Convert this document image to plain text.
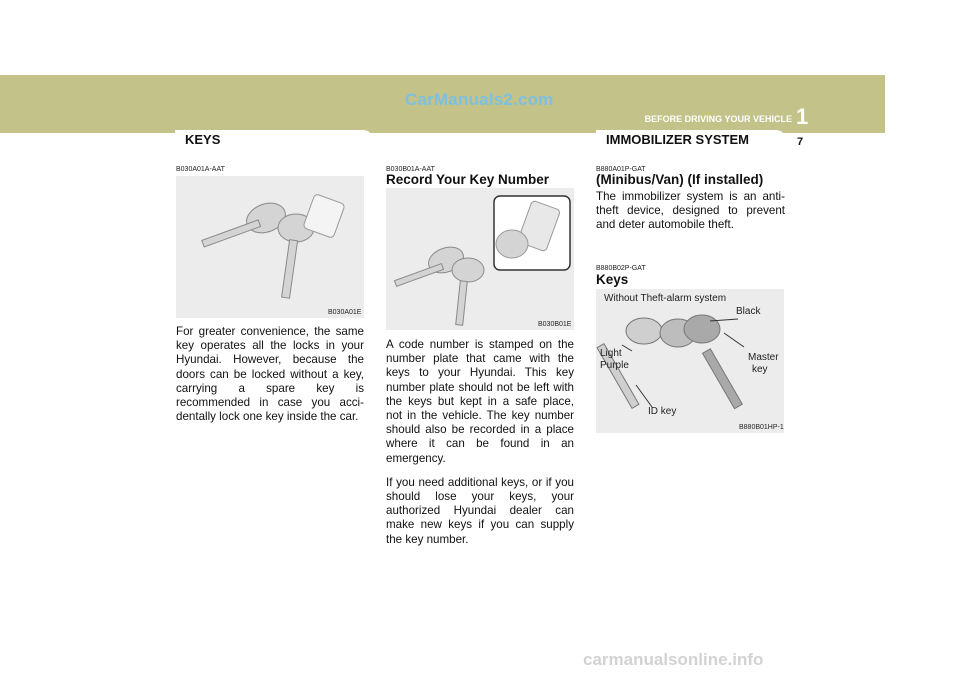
CarManuals2.com
BEFORE DRIVING YOUR VEHICLE 1
KEYS	IMMOBILIZER SYSTEM	7
B030A01A-AAT
B030A01E
For greater convenience, the same key operates all the locks in your Hyundai. However, because the doors can be locked without a key, carrying a spare key is recommended in case you acci-dentally lock one key inside the car.
B030B01A-AAT
Record Your Key Number
B030B01E

A code number is stamped on the number plate that came with the keys to your Hyundai. This key number plate should not be left with the keys but kept in a safe place, not in the vehicle. The key number should also be recorded in a place where it can be found in an emergency.

If you need additional keys, or if you should lose your keys, your authorized Hyundai dealer can make new keys if you can supply the key number.

B880A01P-GAT
(Minibus/Van) (If installed)
The immobilizer system is an anti-theft device, designed to prevent and deter automobile theft.
B880B02P-GAT
Keys
Without Theft-alarm system
Black
Light
Purple
Master
key
ID key
B880B01HP-1
carmanualsonline.info
